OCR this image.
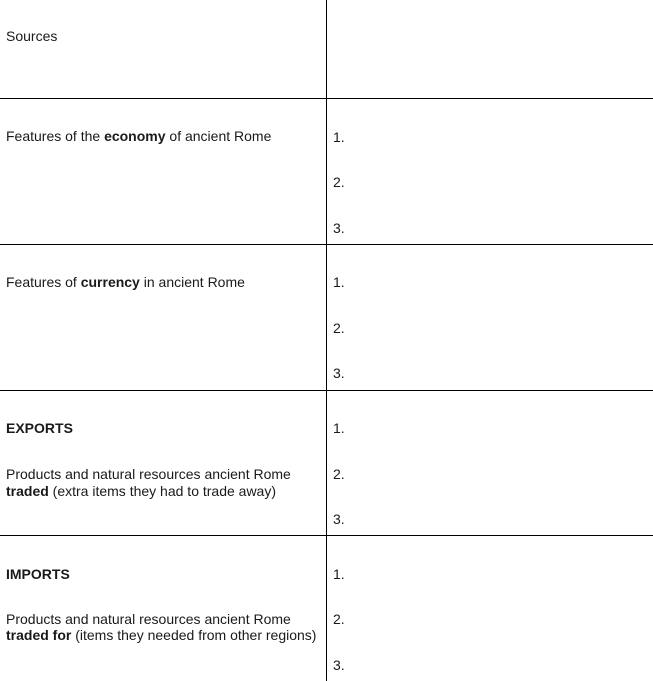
Sources
Features of the economy of ancient Rome	1.
2.
3.
Features of currency in ancient Rome	1.
2.
3.
EXPORTS
Products and natural resources ancient Rome
traded (extra items they had to trade away)
1.
2.
3.
IMPORTS
Products and natural resources ancient Rome
traded for (items they needed from other regions)
1.
2.
3.
